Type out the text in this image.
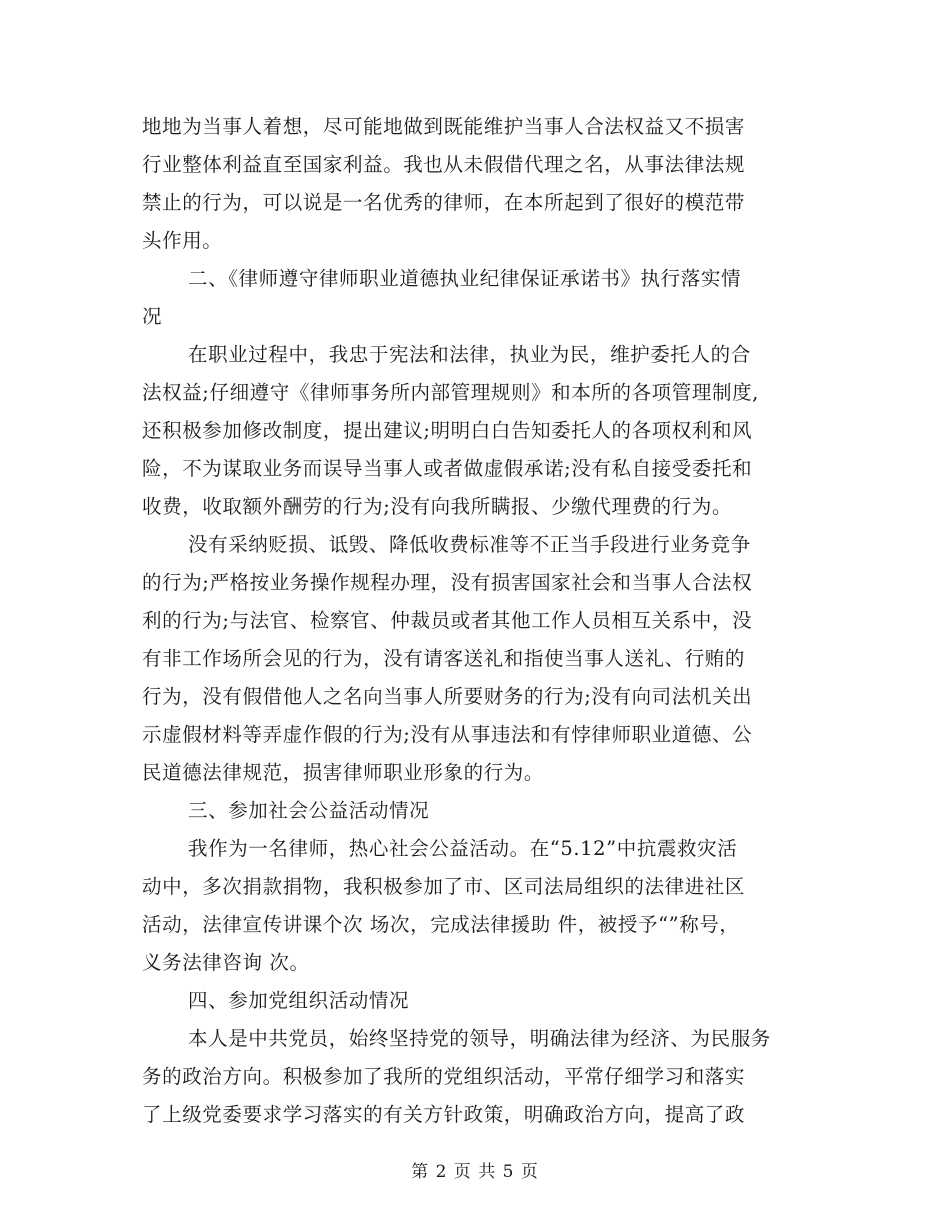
地地为当事人着想，尽可能地做到既能维护当事人合法权益又不损害
行业整体利益直至国家利益。我也从未假借代理之名，从事法律法规
禁止的行为，可以说是一名优秀的律师，在本所起到了很好的模范带
头作用。
二、《律师遵守律师职业道德执业纪律保证承诺书》执行落实情
况
在职业过程中，我忠于宪法和法律，执业为民，维护委托人的合
法权益;仔细遵守《律师事务所内部管理规则》和本所的各项管理制度,
还积极参加修改制度，提出建议;明明白白告知委托人的各项权利和风
险，不为谋取业务而误导当事人或者做虚假承诺;没有私自接受委托和
收费，收取额外酬劳的行为;没有向我所瞒报、少缴代理费的行为。
没有采纳贬损、诋毁、降低收费标准等不正当手段进行业务竞争
的行为;严格按业务操作规程办理，没有损害国家社会和当事人合法权
利的行为;与法官、检察官、仲裁员或者其他工作人员相互关系中，没
有非工作场所会见的行为，没有请客送礼和指使当事人送礼、行贿的
行为，没有假借他人之名向当事人所要财务的行为;没有向司法机关出
示虚假材料等弄虚作假的行为;没有从事违法和有悖律师职业道德、公
民道德法律规范，损害律师职业形象的行为。
三、参加社会公益活动情况
我作为一名律师，热心社会公益活动。在“5.12”中抗震救灾活
动中，多次捐款捐物，我积极参加了市、区司法局组织的法律进社区
活动，法律宣传讲课个次 场次，完成法律援助 件，被授予“”称号，
义务法律咨询 次。
四、参加党组织活动情况
本人是中共党员，始终坚持党的领导，明确法律为经济、为民服务
务的政治方向。积极参加了我所的党组织活动，平常仔细学习和落实
了上级党委要求学习落实的有关方针政策，明确政治方向，提高了政
第 2 页 共 5 页
